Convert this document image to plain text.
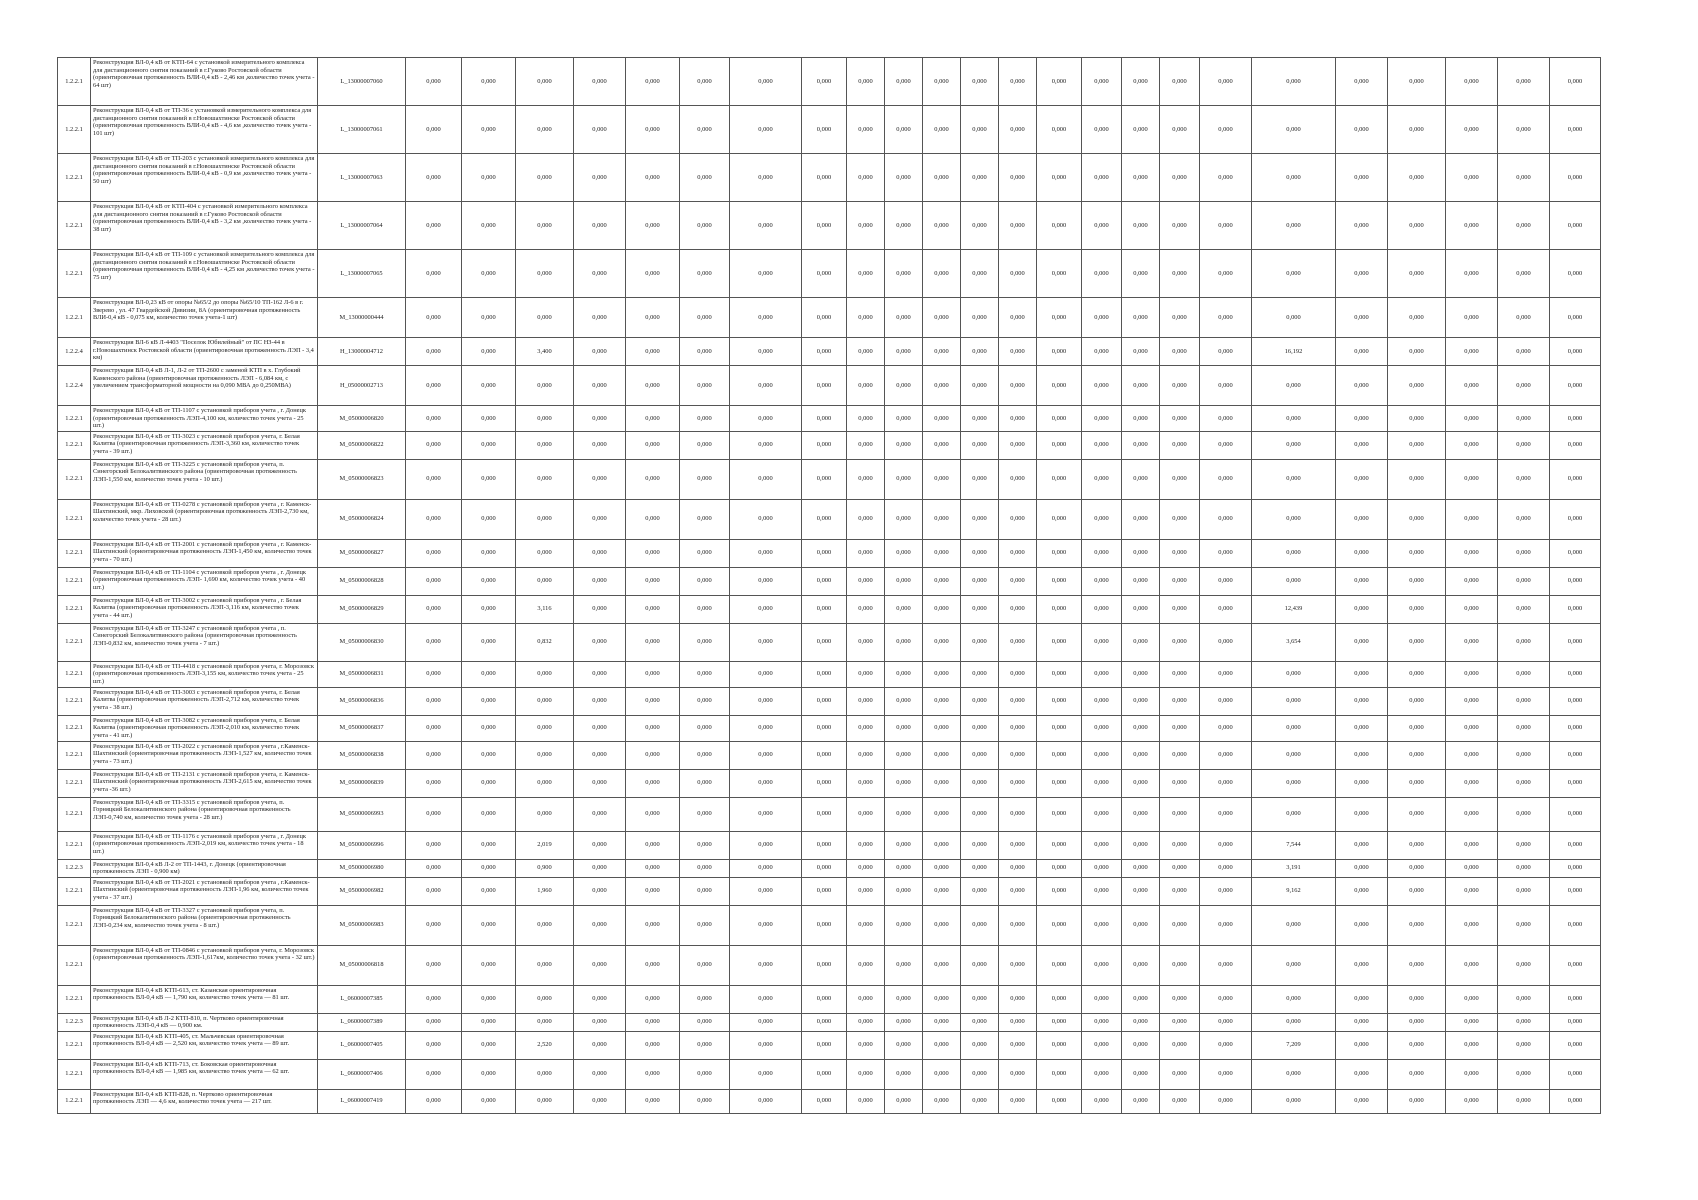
1.2.2.1	Реконструкция ВЛ-0,4 кВ от КТП-64 с установкой измерительного комплекса для дистанционного снятия показаний в г.Гуково Ростовской области (ориентировочная протяженность ВЛИ-0,4 кВ - 2,46 км ,количество точек учета - 64 шт)	L_13000007060	0,000	0,000	0,000	0,000	0,000	0,000	0,000	0,000	0,000	0,000	0,000	0,000	0,000	0,000	0,000	0,000	0,000	0,000	0,000	0,000	0,000	0,000	0,000	0,000
1.2.2.1	Реконструкция ВЛ-0,4 кВ от ТП-36 с установкой измерительного комплекса для дистанционного снятия показаний в г.Новошахтинске Ростовской области (ориентировочная протяженность ВЛИ-0,4 кВ - 4,6 км ,количество точек учета - 101 шт)	L_13000007061	0,000	0,000	0,000	0,000	0,000	0,000	0,000	0,000	0,000	0,000	0,000	0,000	0,000	0,000	0,000	0,000	0,000	0,000	0,000	0,000	0,000	0,000	0,000	0,000
1.2.2.1	Реконструкция ВЛ-0,4 кВ от ТП-203 с установкой измерительного комплекса для дистанционного снятия показаний в г.Новошахтинске Ростовской области (ориентировочная протяженность ВЛИ-0,4 кВ - 0,9 км ,количество точек учета - 50 шт)	L_13000007063	0,000	0,000	0,000	0,000	0,000	0,000	0,000	0,000	0,000	0,000	0,000	0,000	0,000	0,000	0,000	0,000	0,000	0,000	0,000	0,000	0,000	0,000	0,000	0,000
1.2.2.1	Реконструкция ВЛ-0,4 кВ от КТП-404 с установкой измерительного комплекса для дистанционного снятия показаний в г.Гуково Ростовской области (ориентировочная протяженность ВЛИ-0,4 кВ - 3,2 км ,количество точек учета - 38 шт)	L_13000007064	0,000	0,000	0,000	0,000	0,000	0,000	0,000	0,000	0,000	0,000	0,000	0,000	0,000	0,000	0,000	0,000	0,000	0,000	0,000	0,000	0,000	0,000	0,000	0,000
1.2.2.1	Реконструкция ВЛ-0,4 кВ от ТП-109 с установкой измерительного комплекса для дистанционного снятия показаний в г.Новошахтинске Ростовской области (ориентировочная протяженность ВЛИ-0,4 кВ - 4,25 км ,количество точек учета - 75 шт)	L_13000007065	0,000	0,000	0,000	0,000	0,000	0,000	0,000	0,000	0,000	0,000	0,000	0,000	0,000	0,000	0,000	0,000	0,000	0,000	0,000	0,000	0,000	0,000	0,000	0,000
1.2.2.1	Реконструкция ВЛ-0,23 кВ от опоры №65/2 до опоры №65/10 ТП-162 Л-6 в г. Зверево , ул. 47 Гвардейской Дивизии, 8А (ориентировочная протяженность ВЛИ-0,4 кВ - 0,075 км, количество точек учета-1 шт)	M_13000000444	0,000	0,000	0,000	0,000	0,000	0,000	0,000	0,000	0,000	0,000	0,000	0,000	0,000	0,000	0,000	0,000	0,000	0,000	0,000	0,000	0,000	0,000	0,000	0,000
1.2.2.4	Реконструкция ВЛ-6 кВ Л-4403 "Поселок Юбилейный" от ПС НЗ-44 в г.Новошахтинск Ростовской области (ориентировочная протяженность ЛЭП - 3,4 км)	H_13000004712	0,000	0,000	3,400	0,000	0,000	0,000	0,000	0,000	0,000	0,000	0,000	0,000	0,000	0,000	0,000	0,000	0,000	0,000	16,192	0,000	0,000	0,000	0,000	0,000
1.2.2.4	Реконструкция ВЛ-0,4 кВ Л-1, Л-2 от ТП-2600 с заменой КТП в х. Глубокий Каменского района (ориентировочная протяженность ЛЭП - 6,084 км, с увеличением трансформаторной мощности на 0,090 МВА до 0,250МВА)	H_05000002713	0,000	0,000	0,000	0,000	0,000	0,000	0,000	0,000	0,000	0,000	0,000	0,000	0,000	0,000	0,000	0,000	0,000	0,000	0,000	0,000	0,000	0,000	0,000	0,000
1.2.2.1	Реконструкция ВЛ-0,4 кВ от ТП-1107 с установкой приборов учета , г. Донецк (ориентировочная протяженность ЛЭП-4,100 км, количество точек учета - 25 шт.)	M_05000006820	0,000	0,000	0,000	0,000	0,000	0,000	0,000	0,000	0,000	0,000	0,000	0,000	0,000	0,000	0,000	0,000	0,000	0,000	0,000	0,000	0,000	0,000	0,000	0,000
1.2.2.1	Реконструкция ВЛ-0,4 кВ от ТП-3023 с установкой приборов учета, г. Белая Калитва (ориентировочная протяженность ЛЭП-3,360 км, количество точек учета - 39 шт.)	M_05000006822	0,000	0,000	0,000	0,000	0,000	0,000	0,000	0,000	0,000	0,000	0,000	0,000	0,000	0,000	0,000	0,000	0,000	0,000	0,000	0,000	0,000	0,000	0,000	0,000
1.2.2.1	Реконструкция ВЛ-0,4 кВ от ТП-3225 с установкой приборов учета, п. Синегорский Белокалитвинского района (ориентировочная протяженность ЛЭП-1,550 км, количество точек учета - 10 шт.)	M_05000006823	0,000	0,000	0,000	0,000	0,000	0,000	0,000	0,000	0,000	0,000	0,000	0,000	0,000	0,000	0,000	0,000	0,000	0,000	0,000	0,000	0,000	0,000	0,000	0,000
1.2.2.1	Реконструкция ВЛ-0,4 кВ от ТП-0278 с установкой приборов учета , г. Каменск-Шахтинский, мкр. Лиховской (ориентировочная протяженность ЛЭП-2,730 км, количество точек учета - 28 шт.)	M_05000006824	0,000	0,000	0,000	0,000	0,000	0,000	0,000	0,000	0,000	0,000	0,000	0,000	0,000	0,000	0,000	0,000	0,000	0,000	0,000	0,000	0,000	0,000	0,000	0,000
1.2.2.1	Реконструкция ВЛ-0,4 кВ от ТП-2001 с установкой приборов учета , г. Каменск-Шахтинский (ориентировочная протяженность ЛЭП-1,450 км, количество точек учета - 70 шт.)	M_05000006827	0,000	0,000	0,000	0,000	0,000	0,000	0,000	0,000	0,000	0,000	0,000	0,000	0,000	0,000	0,000	0,000	0,000	0,000	0,000	0,000	0,000	0,000	0,000	0,000
1.2.2.1	Реконструкция ВЛ-0,4 кВ от ТП-1104 с установкой приборов учета , г. Донецк (ориентировочная протяженность ЛЭП- 1,690 км, количество точек учета - 40 шт.)	M_05000006828	0,000	0,000	0,000	0,000	0,000	0,000	0,000	0,000	0,000	0,000	0,000	0,000	0,000	0,000	0,000	0,000	0,000	0,000	0,000	0,000	0,000	0,000	0,000	0,000
1.2.2.1	Реконструкция ВЛ-0,4 кВ от ТП-3002 с установкой приборов учета , г. Белая Калитва (ориентировочная протяженность ЛЭП-3,116 км, количество точек учета - 44 шт.)	M_05000006829	0,000	0,000	3,116	0,000	0,000	0,000	0,000	0,000	0,000	0,000	0,000	0,000	0,000	0,000	0,000	0,000	0,000	0,000	12,439	0,000	0,000	0,000	0,000	0,000
1.2.2.1	Реконструкция ВЛ-0,4 кВ от ТП-3247 с установкой приборов учета , п. Синегорский Белокалитвинского района (ориентировочная протяженность ЛЭП-0,832 км, количество точек учета - 7 шт.)	M_05000006830	0,000	0,000	0,832	0,000	0,000	0,000	0,000	0,000	0,000	0,000	0,000	0,000	0,000	0,000	0,000	0,000	0,000	0,000	3,654	0,000	0,000	0,000	0,000	0,000
1.2.2.1	Реконструкция ВЛ-0,4 кВ от ТП-4418 с установкой приборов учета, г. Морозовск (ориентировочная протяженность ЛЭП-3,155 км, количество точек учета - 25 шт.)	M_05000006831	0,000	0,000	0,000	0,000	0,000	0,000	0,000	0,000	0,000	0,000	0,000	0,000	0,000	0,000	0,000	0,000	0,000	0,000	0,000	0,000	0,000	0,000	0,000	0,000
1.2.2.1	Реконструкция ВЛ-0,4 кВ от ТП-3003 с установкой приборов учета, г. Белая Калитва (ориентировочная протяженность ЛЭП-2,712 км, количество точек учета - 38 шт.)	M_05000006836	0,000	0,000	0,000	0,000	0,000	0,000	0,000	0,000	0,000	0,000	0,000	0,000	0,000	0,000	0,000	0,000	0,000	0,000	0,000	0,000	0,000	0,000	0,000	0,000
1.2.2.1	Реконструкция ВЛ-0,4 кВ от ТП-3082 с установкой приборов учета, г. Белая Калитва (ориентировочная протяженность ЛЭП-2,010 км, количество точек учета - 41 шт.)	M_05000006837	0,000	0,000	0,000	0,000	0,000	0,000	0,000	0,000	0,000	0,000	0,000	0,000	0,000	0,000	0,000	0,000	0,000	0,000	0,000	0,000	0,000	0,000	0,000	0,000
1.2.2.1	Реконструкция ВЛ-0,4 кВ от ТП-2022 с установкой приборов учета , г.Каменск-Шахтинский (ориентировочная протяженность ЛЭП-1,527 км, количество точек учета - 73 шт.)	M_05000006838	0,000	0,000	0,000	0,000	0,000	0,000	0,000	0,000	0,000	0,000	0,000	0,000	0,000	0,000	0,000	0,000	0,000	0,000	0,000	0,000	0,000	0,000	0,000	0,000
1.2.2.1	Реконструкция ВЛ-0,4 кВ от ТП-2131 с установкой приборов учета, г. Каменск-Шахтинский (ориентировочная протяженность ЛЭП-2,615 км, количество точек учета -36 шт.)	M_05000006839	0,000	0,000	0,000	0,000	0,000	0,000	0,000	0,000	0,000	0,000	0,000	0,000	0,000	0,000	0,000	0,000	0,000	0,000	0,000	0,000	0,000	0,000	0,000	0,000
1.2.2.1	Реконструкция ВЛ-0,4 кВ от ТП-3315 с установкой приборов учета, п. Горняцкий Белокалитвинского района (ориентировочная протяженность ЛЭП-0,740 км, количество точек учета - 28 шт.)	M_05000006993	0,000	0,000	0,000	0,000	0,000	0,000	0,000	0,000	0,000	0,000	0,000	0,000	0,000	0,000	0,000	0,000	0,000	0,000	0,000	0,000	0,000	0,000	0,000	0,000
1.2.2.1	Реконструкция ВЛ-0,4 кВ от ТП-1176 с установкой приборов учета , г. Донецк (ориентировочная протяженность ЛЭП-2,019 км, количество точек учета - 18 шт.)	M_05000006996	0,000	0,000	2,019	0,000	0,000	0,000	0,000	0,000	0,000	0,000	0,000	0,000	0,000	0,000	0,000	0,000	0,000	0,000	7,544	0,000	0,000	0,000	0,000	0,000
1.2.2.3	Реконструкция ВЛ-0,4 кВ Л-2 от ТП-1443, г. Донецк (ориентировочная протяженность ЛЭП - 0,900 км)	M_05000006980	0,000	0,000	0,900	0,000	0,000	0,000	0,000	0,000	0,000	0,000	0,000	0,000	0,000	0,000	0,000	0,000	0,000	0,000	3,191	0,000	0,000	0,000	0,000	0,000
1.2.2.1	Реконструкция ВЛ-0,4 кВ от ТП-2021 с установкой приборов учета , г.Каменск-Шахтинский (ориентировочная протяженность ЛЭП-1,96 км, количество точек учета - 37 шт.)	M_05000006982	0,000	0,000	1,960	0,000	0,000	0,000	0,000	0,000	0,000	0,000	0,000	0,000	0,000	0,000	0,000	0,000	0,000	0,000	9,162	0,000	0,000	0,000	0,000	0,000
1.2.2.1	Реконструкция ВЛ-0,4 кВ от ТП-3327 с установкой приборов учета, п. Горняцкий Белокалитвинского района (ориентировочная протяженность ЛЭП-0,234 км, количество точек учета - 8 шт.)	M_05000006983	0,000	0,000	0,000	0,000	0,000	0,000	0,000	0,000	0,000	0,000	0,000	0,000	0,000	0,000	0,000	0,000	0,000	0,000	0,000	0,000	0,000	0,000	0,000	0,000
1.2.2.1	Реконструкция ВЛ-0,4 кВ от ТП-0846 с установкой приборов учета, г. Морозовск (ориентировочная протяженность ЛЭП-1,617км, количество точек учета - 32 шт.)	M_05000006818	0,000	0,000	0,000	0,000	0,000	0,000	0,000	0,000	0,000	0,000	0,000	0,000	0,000	0,000	0,000	0,000	0,000	0,000	0,000	0,000	0,000	0,000	0,000	0,000
1.2.2.1	Реконструкция ВЛ-0,4 кВ КТП-613, ст. Казанская ориентировочная протяженность ВЛ-0,4 кВ — 1,790 км, количество точек учета — 81 шт.	L_06000007385	0,000	0,000	0,000	0,000	0,000	0,000	0,000	0,000	0,000	0,000	0,000	0,000	0,000	0,000	0,000	0,000	0,000	0,000	0,000	0,000	0,000	0,000	0,000	0,000
1.2.2.3	Реконструкция ВЛ-0,4 кВ Л-2 КТП-810, п. Чертково ориентировочная протяженность ЛЭП-0,4 кВ — 0,900 км.	L_06000007389	0,000	0,000	0,000	0,000	0,000	0,000	0,000	0,000	0,000	0,000	0,000	0,000	0,000	0,000	0,000	0,000	0,000	0,000	0,000	0,000	0,000	0,000	0,000	0,000
1.2.2.1	Реконструкция ВЛ-0,4 кВ КТП-405, ст. Мальчевская ориентировочная протяженность ВЛ-0,4 кВ — 2,520 км, количество точек учета — 89 шт.	L_06000007405	0,000	0,000	2,520	0,000	0,000	0,000	0,000	0,000	0,000	0,000	0,000	0,000	0,000	0,000	0,000	0,000	0,000	0,000	7,209	0,000	0,000	0,000	0,000	0,000
1.2.2.1	Реконструкция ВЛ-0,4 кВ КТП-713, ст. Боковская ориентировочная протяженность ВЛ-0,4 кВ — 1,985 км, количество точек учета — 62 шт.	L_06000007406	0,000	0,000	0,000	0,000	0,000	0,000	0,000	0,000	0,000	0,000	0,000	0,000	0,000	0,000	0,000	0,000	0,000	0,000	0,000	0,000	0,000	0,000	0,000	0,000
1.2.2.1	Реконструкция ВЛ-0,4 кВ КТП-828, п. Чертково ориентировочная протяженность ЛЭП — 4,6 км, количество точек учета — 217 шт.	L_06000007419	0,000	0,000	0,000	0,000	0,000	0,000	0,000	0,000	0,000	0,000	0,000	0,000	0,000	0,000	0,000	0,000	0,000	0,000	0,000	0,000	0,000	0,000	0,000	0,000
